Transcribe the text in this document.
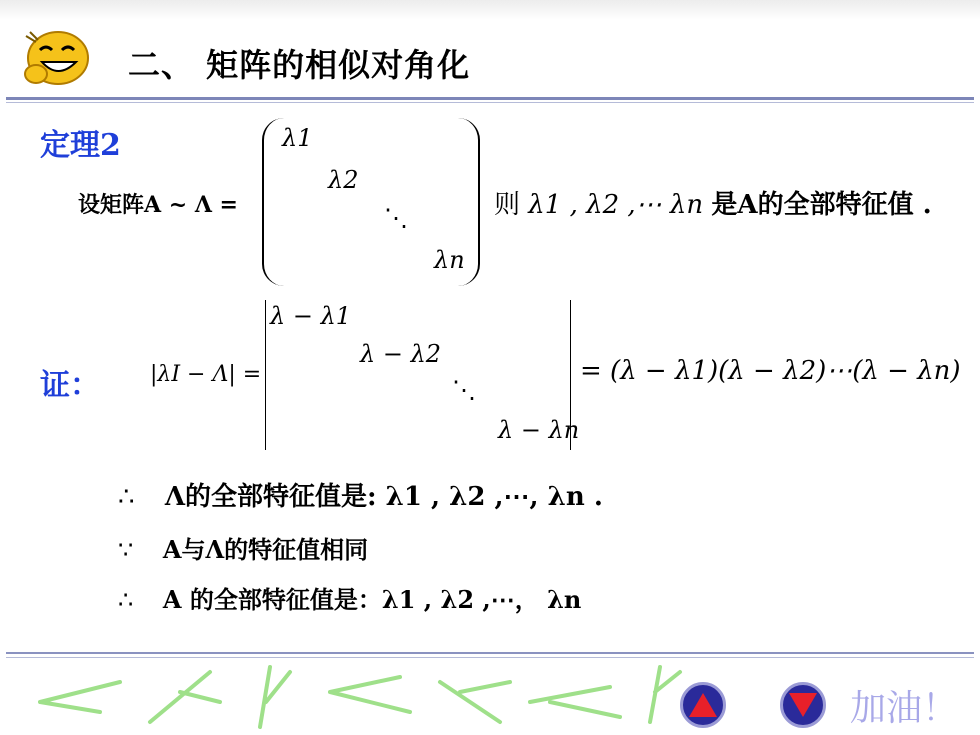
二、 矩阵的相似对角化
定理2
设矩阵A ~ Λ =
λ1
λ2
⋱
λn
则 λ1 , λ2 ,⋯ λn 是A的全部特征值 .
证： |λI − Λ| =
λ − λ1
λ − λ2
⋱
λ − λn
= (λ − λ1)(λ − λ2)⋯(λ − λn)
∴ Λ的全部特征值是: λ1 , λ2 ,⋯, λn .
∵ A与Λ的特征值相同
∴ A 的全部特征值是：λ1 , λ2 ,⋯， λn
加油！
